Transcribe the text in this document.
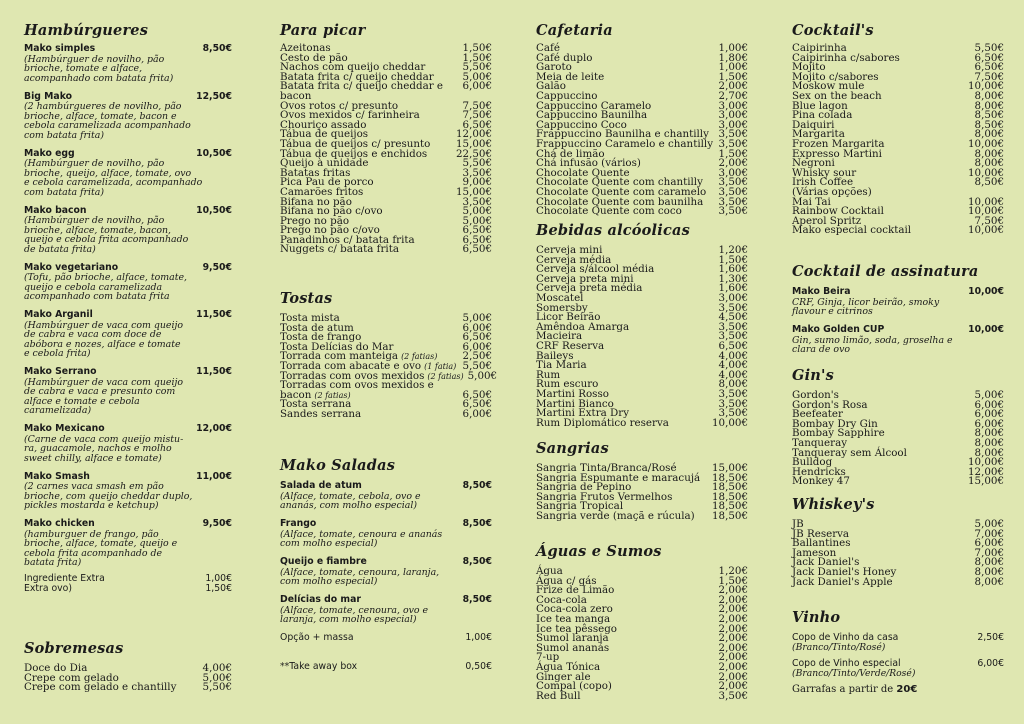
Hambúrgueres
Mako simples	8,50€
(Hambúrguer de novilho, pão
brioche, tomate e alface,
acompanhado com batata frita)
Big Mako	12,50€
(2 hambúrgueres de novilho, pão
brioche, alface, tomate, bacon e
cebola caramelizada acompanhado
com batata frita)
Mako egg	10,50€
(Hambúrguer de novilho, pão
brioche, queijo, alface, tomate, ovo
e cebola caramelizada, acompanhado
com batata frita)
Mako bacon	10,50€
(Hambúrguer de novilho, pão
brioche, alface, tomate, bacon,
queijo e cebola frita acompanhado
de batata frita)
Mako vegetariano	9,50€
(Tofu, pão brioche, alface, tomate,
queijo e cebola caramelizada
acompanhado com batata frita
Mako Arganil	11,50€
(Hambúrguer de vaca com queijo
de cabra e vaca com doce de
abóbora e nozes, alface e tomate
e cebola frita)
Mako Serrano	11,50€
(Hambúrguer de vaca com queijo
de cabra e vaca e presunto com
alface e tomate e cebola
caramelizada)
Mako Mexicano	12,00€
(Carne de vaca com queijo mistu-
ra, guacamole, nachos e molho
sweet chilly, alface e tomate)
Mako Smash	11,00€
(2 carnes vaca smash em pão
brioche, com queijo cheddar duplo,
pickles mostarda e ketchup)
Mako chicken	9,50€
(hamburguer de frango, pão
brioche, alface, tomate, queijo e
cebola frita acompanhado de
batata frita)
Ingrediente Extra	1,00€
Extra ovo)	1,50€
Sobremesas
Doce do Dia	4,00€
Crepe com gelado	5,00€
Crepe com gelado e chantilly	5,50€
Para picar
Azeitonas	1,50€
Cesto de pão	1,50€
Nachos com queijo cheddar	5,50€
Batata frita c/ queijo cheddar	5,00€
Batata frita c/ queijo cheddar e	6,00€
bacon
Ovos rotos c/ presunto	7,50€
Ovos mexidos c/ farinheira	7,50€
Chouriço assado	6,50€
Tábua de queijos	12,00€
Tábua de queijos c/ presunto	15,00€
Tábua de queijos e enchidos	22,50€
Queijo à unidade	5,50€
Batatas fritas	3,50€
Pica Pau de porco	9,00€
Camarões fritos	15,00€
Bifana no pão	3,50€
Bifana no pão c/ovo	5,00€
Prego no pão	5,00€
Prego no pão c/ovo	6,50€
Panadinhos c/ batata frita	6,50€
Nuggets c/ batata frita	6,50€
Tostas
Tosta mista	5,00€
Tosta de atum	6,00€
Tosta de frango	6,50€
Tosta Delícias do Mar	6,00€
Torrada com manteiga (2 fatias)	2,50€
Torrada com abacate e ovo (1 fatia) 5,50€
Torradas com ovos mexidos (2 fatias) 5,00€
Torradas com ovos mexidos e
bacon (2 fatias)	6,50€
Tosta serrana	6,50€
Sandes serrana	6,00€
Mako Saladas
Salada de atum	8,50€
(Alface, tomate, cebola, ovo e
ananás, com molho especial)
Frango	8,50€
(Alface, tomate, cenoura e ananás
com molho especial)
Queijo e fiambre	8,50€
(Alface, tomate, cenoura, laranja,
com molho especial)
Delícias do mar	8,50€
(Alface, tomate, cenoura, ovo e
laranja, com molho especial)
Opção + massa	1,00€
**Take away box	0,50€
Cafetaria
Café	1,00€
Café duplo	1,80€
Garoto	1,00€
Meia de leite	1,50€
Galão	2,00€
Cappuccino	2,70€
Cappuccino Caramelo	3,00€
Cappuccino Baunilha	3,00€
Cappuccino Coco	3,00€
Frappuccino Baunilha e chantilly 3,50€
Frappuccino Caramelo e chantilly 3,50€
Chá de limão	1,50€
Chá infusão (vários)	2,00€
Chocolate Quente	3,00€
Chocolate Quente com chantilly	3,50€
Chocolate Quente com caramelo	3,50€
Chocolate Quente com baunilha	3,50€
Chocolate Quente com coco	3,50€
Bebidas alcóolicas
Cerveja mini	1,20€
Cerveja média	1,50€
Cerveja s/álcool média	1,60€
Cerveja preta mini	1,30€
Cerveja preta média	1,60€
Moscatel	3,00€
Somersby	3,50€
Licor Beirão	4,50€
Amêndoa Amarga	3,50€
Macieira	3,50€
CRF Reserva	6,50€
Baileys	4,00€
Tia Maria	4,00€
Rum	4,00€
Rum escuro	8,00€
Martini Rosso	3,50€
Martini Bianco	3,50€
Martini Extra Dry	3,50€
Rum Diplomático reserva	10,00€
Sangrias
Sangria Tinta/Branca/Rosé	15,00€
Sangria Espumante e maracujá	18,50€
Sangria de Pepino	18,50€
Sangria Frutos Vermelhos	18,50€
Sangria Tropical	18,50€
Sangria verde (maçã e rúcula)	18,50€
Águas e Sumos
Água	1,20€
Água c/ gás	1,50€
Frize de Limão	2,00€
Coca-cola	2,00€
Coca-cola zero	2,00€
Ice tea manga	2,00€
Ice tea pêssego	2,00€
Sumol laranja	2,00€
Sumol ananás	2,00€
7-up	2,00€
Água Tónica	2,00€
Ginger ale	2,00€
Compal (copo)	2,00€
Red Bull	3,50€
Cocktail's
Caipirinha	5,50€
Caipirinha c/sabores	6,50€
Mojito	6,50€
Mojito c/sabores	7,50€
Moskow mule	10,00€
Sex on the beach	8,00€
Blue lagon	8,00€
Pina colada	8,50€
Daiquiri	8,50€
Margarita	8,00€
Frozen Margarita	10,00€
Expresso Martini	8,00€
Negroni	8,00€
Whisky sour	10,00€
Irish Coffee	8,50€
(Várias opções)
Mai Tai	10,00€
Rainbow Cocktail	10,00€
Aperol Spritz	7,50€
Mako especial cocktail	10,00€
Cocktail de assinatura
Mako Beira	10,00€
CRF, Ginja, licor beirão, smoky
flavour e citrinos
Mako Golden CUP	10,00€
Gin, sumo limão, soda, groselha e
clara de ovo
Gin's
Gordon's	5,00€
Gordon's Rosa	6,00€
Beefeater	6,00€
Bombay Dry Gin	6,00€
Bombay Sapphire	8,00€
Tanqueray	8,00€
Tanqueray sem Álcool	8,00€
Bulldog	10,00€
Hendricks	12,00€
Monkey 47	15,00€
Whiskey's
JB	5,00€
JB Reserva	7,00€
Ballantines	6,00€
Jameson	7,00€
Jack Daniel's	8,00€
Jack Daniel's Honey	8,00€
Jack Daniel's Apple	8,00€
Vinho
Copo de Vinho da casa	2,50€
(Branco/Tinto/Rosé)
Copo de Vinho especial	6,00€
(Branco/Tinto/Verde/Rosé)
Garrafas a partir de 20€
